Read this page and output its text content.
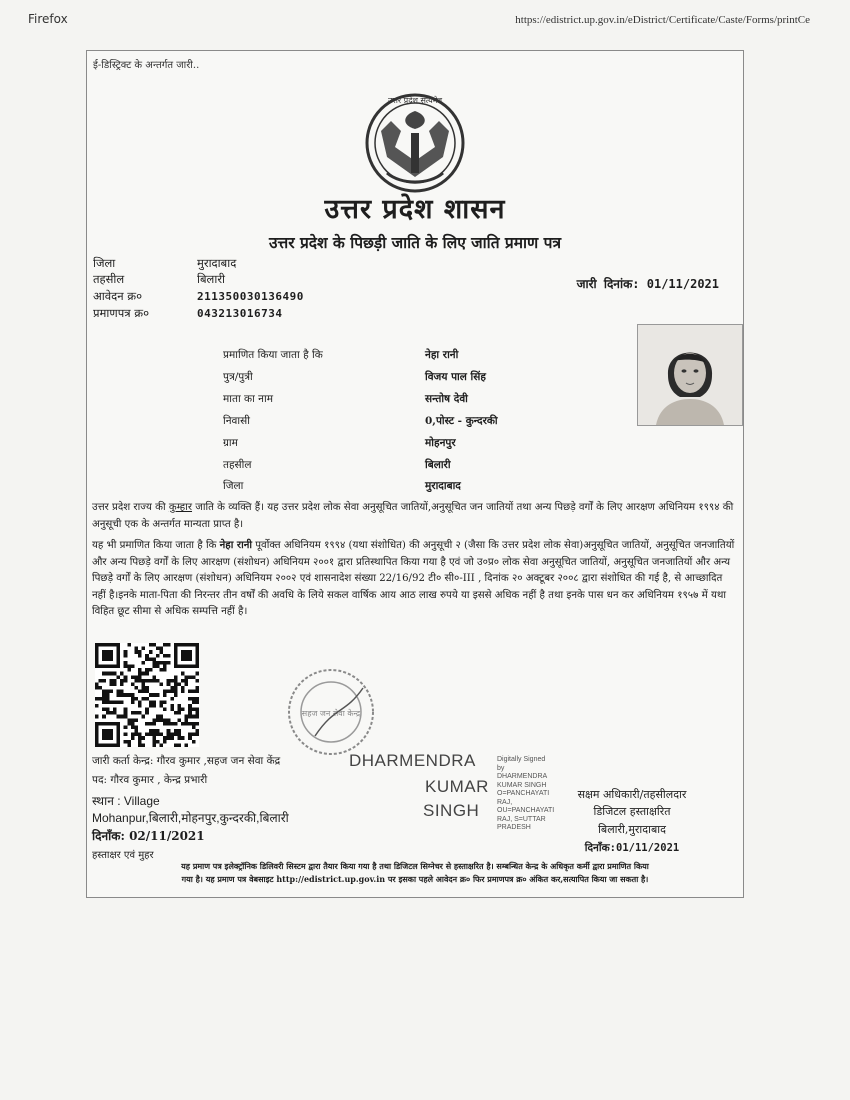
Firefox	https://edistrict.up.gov.in/eDistrict/Certificate/Caste/Forms/printCe
ई-डिस्ट्रिक्ट के अन्तर्गत जारी..
उत्तर प्रदेश सत्यमेव
उत्तर प्रदेश शासन
उत्तर प्रदेश के पिछड़ी जाति के लिए जाति प्रमाण पत्र
जिला	मुरादाबाद
तहसील	बिलारी
आवेदन क्र०	211350030136490
प्रमाणपत्र क्र०	043213016734
जारी दिनांक: 01/11/2021
प्रमाणित किया जाता है कि	नेहा रानी
पुत्र/पुत्री	विजय पाल सिंह
माता का नाम	सन्तोष देवी
निवासी	0,पोस्ट - कुन्दरकी
ग्राम	मोहनपुर
तहसील	बिलारी
जिला	मुरादाबाद
उत्तर प्रदेश राज्य की कुम्हार जाति के व्यक्ति हैं। यह उत्तर प्रदेश लोक सेवा अनुसूचित जातियों,अनुसूचित जन जातियों तथा अन्य पिछड़े वर्गों के लिए आरक्षण अधिनियम १९९४ की अनुसूची एक के अन्तर्गत मान्यता प्राप्त है।
यह भी प्रमाणित किया जाता है कि नेहा रानी पूर्वोक्त अधिनियम १९९४ (यथा संशोधित) की अनुसूची २ (जैसा कि उत्तर प्रदेश लोक सेवा)अनुसूचित जातियों, अनुसूचित जनजातियों और अन्य पिछड़े वर्गों के लिए आरक्षण (संशोधन) अधिनियम २००१ द्वारा प्रतिस्थापित किया गया है एवं जो उ०प्र० लोक सेवा अनुसूचित जातियों, अनुसूचित जनजातियों और अन्य पिछड़े वर्गों के लिए आरक्षण (संशोधन) अधिनियम २००२ एवं शासनादेश संख्या 22/16/92 टी० सी०-III , दिनांक २० अक्टूबर २००८ द्वारा संशोधित की गई है, से आच्छादित नहीं है।इनके माता-पिता की निरन्तर तीन वर्षों की अवधि के लिये सकल वार्षिक आय आठ लाख रुपये या इससे अधिक नहीं है तथा इनके पास धन कर अधिनियम १९५७ में यथा विहित छूट सीमा से अधिक सम्पत्ति नहीं है।
सहज जन सेवा केन्द्र
जारी कर्ता केन्द्र: गौरव कुमार ,सहज जन सेवा केंद्र
पद: गौरव कुमार , केन्द्र प्रभारी
स्थान : Village
Mohanpur,बिलारी,मोहनपुर,कुन्दरकी,बिलारी
दिनाँक: 02/11/2021
हस्ताक्षर एवं मुहर
DHARMENDRA
KUMAR
SINGH
Digitally Signed
by
DHARMENDRA
KUMAR SINGH
O=PANCHAYATI
RAJ,
OU=PANCHAYATI
RAJ, S=UTTAR
PRADESH
सक्षम अधिकारी/तहसीलदार
डिजिटल हस्ताक्षरित
बिलारी,मुरादाबाद
दिनाँक:01/11/2021
यह प्रमाण पत्र इलेक्ट्रॉनिक डिलिवरी सिस्टम द्वारा तैयार किया गया है तथा डिजिटल सिग्नेचर से हस्ताक्षरित है। सम्बन्धित केन्द्र के अधिकृत कर्मी द्वारा प्रमाणित किया
गया है। यह प्रमाण पत्र वेबसाइट http://edistrict.up.gov.in पर इसका पहले आवेदन क्र० फिर प्रमाणपत्र क्र० अंकित कर,सत्यापित किया जा सकता है।
